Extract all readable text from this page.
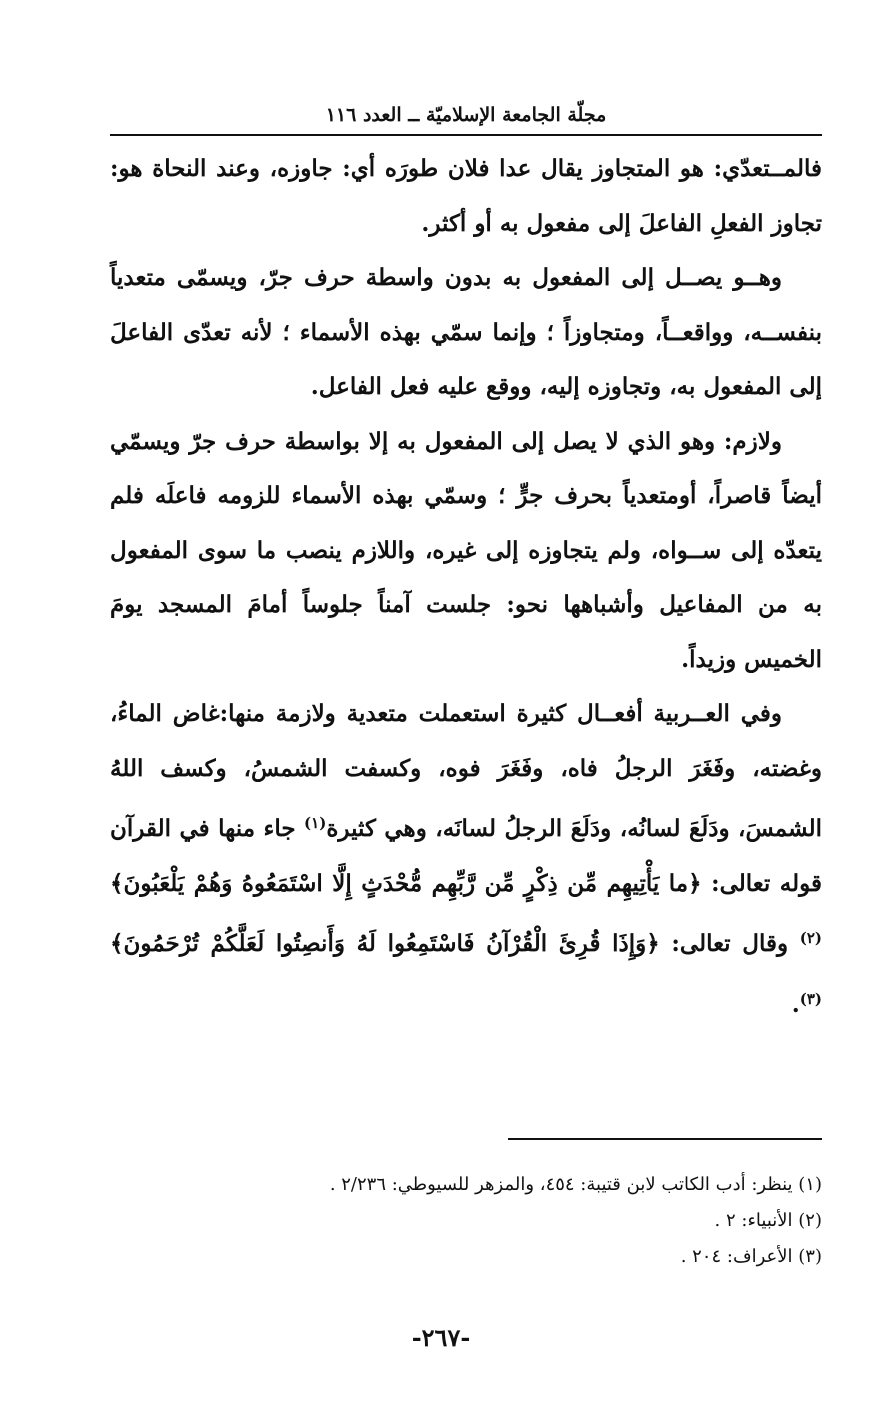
مجلّة الجامعة الإسلاميّة ــ العدد ١١٦

فالمــتعدّي: هو المتجاوز يقال عدا فلان طورَه أي: جاوزه، وعند النحاة هو: تجاوز الفعلِ الفاعلَ إلى مفعول به أو أكثر.

وهــو يصــل إلى المفعول به بدون واسطة حرف جرّ، ويسمّى متعدياً بنفســه، وواقعــاً، ومتجاوزاً ؛ وإنما سمّي بهذه الأسماء ؛ لأنه تعدّى الفاعلَ إلى المفعول به، وتجاوزه إليه، ووقع عليه فعل الفاعل.

ولازم: وهو الذي لا يصل إلى المفعول به إلا بواسطة حرف جرّ ويسمّي أيضاً قاصراً، أومتعدياً بحرف جرٍّ ؛ وسمّي بهذه الأسماء للزومه فاعلَه فلم يتعدّه إلى ســواه، ولم يتجاوزه إلى غيره، واللازم ينصب ما سوى المفعول به من المفاعيل وأشباهها نحو: جلست آمناً جلوساً أمامَ المسجد يومَ الخميس وزيداً.

وفي العــربية أفعــال كثيرة استعملت متعدية ولازمة منها:غاض الماءُ، وغضته، وفَغَرَ الرجلُ فاه، وفَغَرَ فوه، وكسفت الشمسُ، وكسف اللهُ الشمسَ، ودَلَعَ لسانُه، ودَلَعَ الرجلُ لسانَه، وهي كثيرة$^{(١)}$ جاء منها في القرآن قوله تعالى: ﴿ما يَأْتِيهِم مِّن ذِكْرٍ مِّن رَّبِّهِم مُّحْدَثٍ إِلَّا اسْتَمَعُوهُ وَهُمْ يَلْعَبُونَ﴾ $^{(٢)}$ وقال تعالى: ﴿وَإِذَا قُرِئَ الْقُرْآنُ فَاسْتَمِعُوا لَهُ وَأَنصِتُوا لَعَلَّكُمْ تُرْحَمُونَ﴾ $^{(٣)}$.

(١) ينظر: أدب الكاتب لابن قتيبة: ٤٥٤، والمزهر للسيوطي: ٢/٢٣٦ .
(٢) الأنبياء: ٢ .
(٣) الأعراف: ٢٠٤ .
-٢٦٧-
